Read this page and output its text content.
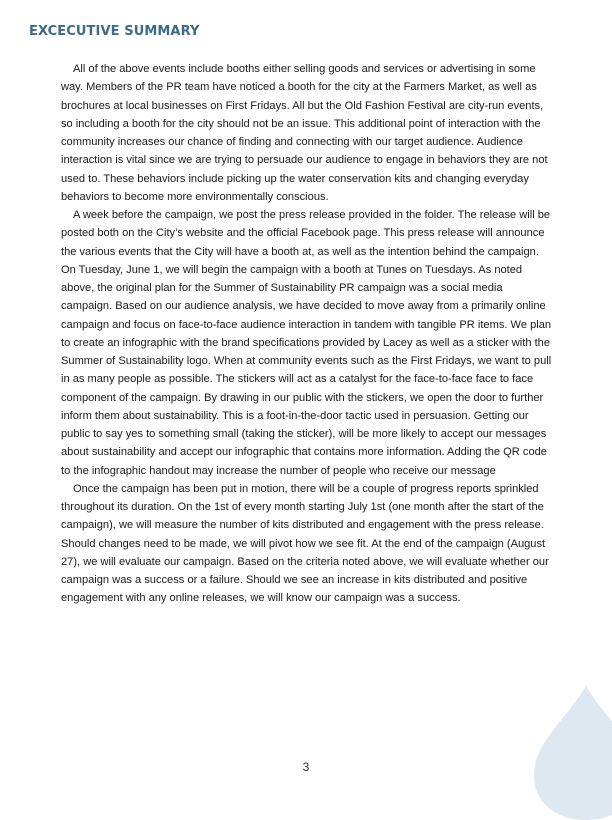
EXCECUTIVE SUMMARY

All of the above events include booths either selling goods and services or advertising in some way. Members of the PR team have noticed a booth for the city at the Farmers Market, as well as brochures at local businesses on First Fridays. All but the Old Fashion Festival are city-run events, so including a booth for the city should not be an issue. This additional point of interaction with the community increases our chance of finding and connecting with our target audience. Audience interaction is vital since we are trying to persuade our audience to engage in behaviors they are not used to. These behaviors include picking up the water conservation kits and changing everyday behaviors to become more environmentally conscious.

A week before the campaign, we post the press release provided in the folder. The release will be posted both on the City’s website and the official Facebook page. This press release will announce the various events that the City will have a booth at, as well as the intention behind the campaign. On Tuesday, June 1, we will begin the campaign with a booth at Tunes on Tuesdays. As noted above, the original plan for the Summer of Sustainability PR campaign was a social media campaign. Based on our audience analysis, we have decided to move away from a primarily online campaign and focus on face-to-face audience interaction in tandem with tangible PR items. We plan to create an infographic with the brand specifications provided by Lacey as well as a sticker with the Summer of Sustainability logo. When at community events such as the First Fridays, we want to pull in as many people as possible. The stickers will act as a catalyst for the face-to-face face to face component of the campaign. By drawing in our public with the stickers, we open the door to further inform them about sustainability. This is a foot-in-the-door tactic used in persuasion. Getting our public to say yes to something small (taking the sticker), will be more likely to accept our messages about sustainability and accept our infographic that contains more information. Adding the QR code to the infographic handout may increase the number of people who receive our message

Once the campaign has been put in motion, there will be a couple of progress reports sprinkled throughout its duration. On the 1st of every month starting July 1st (one month after the start of the campaign), we will measure the number of kits distributed and engagement with the press release. Should changes need to be made, we will pivot how we see fit. At the end of the campaign (August 27), we will evaluate our campaign. Based on the criteria noted above, we will evaluate whether our campaign was a success or a failure. Should we see an increase in kits distributed and positive engagement with any online releases, we will know our campaign was a success.

3
